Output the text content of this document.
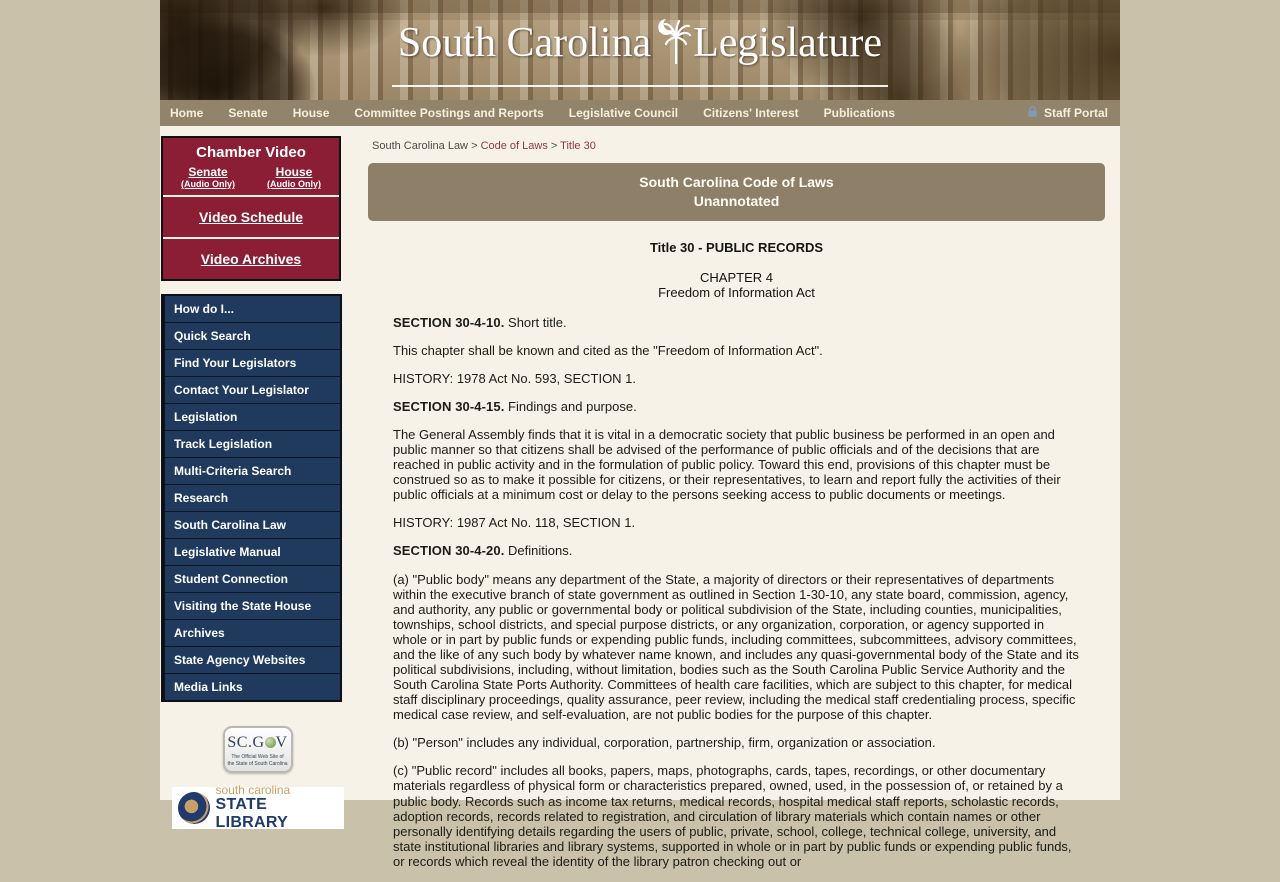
South Carolina Legislature
Home Senate House Committee Postings and Reports Legislative Council Citizens' Interest Publications	Staff Portal
Chamber Video
Senate
(Audio Only)
House
(Audio Only)
Video Schedule
Video Archives
How do I...
Quick Search
Find Your Legislators
Contact Your Legislator
Legislation
Track Legislation
Multi-Criteria Search
Research
South Carolina Law
Legislative Manual
Student Connection
Visiting the State House
Archives
State Agency Websites
Media Links
SC.G V
The Official Web Site of
the State of South Carolina
south carolina
STATE LIBRARY
South Carolina Law > Code of Laws > Title 30
South Carolina Code of Laws
Unannotated
Title 30 - PUBLIC RECORDS
CHAPTER 4
Freedom of Information Act

SECTION 30-4-10. Short title.

This chapter shall be known and cited as the "Freedom of Information Act".

HISTORY: 1978 Act No. 593, SECTION 1.

SECTION 30-4-15. Findings and purpose.

The General Assembly finds that it is vital in a democratic society that public business be performed in an open and public manner so that citizens shall be advised of the performance of public officials and of the decisions that are reached in public activity and in the formulation of public policy. Toward this end, provisions of this chapter must be construed so as to make it possible for citizens, or their representatives, to learn and report fully the activities of their public officials at a minimum cost or delay to the persons seeking access to public documents or meetings.

HISTORY: 1987 Act No. 118, SECTION 1.

SECTION 30-4-20. Definitions.

(a) "Public body" means any department of the State, a majority of directors or their representatives of departments within the executive branch of state government as outlined in Section 1-30-10, any state board, commission, agency, and authority, any public or governmental body or political subdivision of the State, including counties, municipalities, townships, school districts, and special purpose districts, or any organization, corporation, or agency supported in whole or in part by public funds or expending public funds, including committees, subcommittees, advisory committees, and the like of any such body by whatever name known, and includes any quasi-governmental body of the State and its political subdivisions, including, without limitation, bodies such as the South Carolina Public Service Authority and the South Carolina State Ports Authority. Committees of health care facilities, which are subject to this chapter, for medical staff disciplinary proceedings, quality assurance, peer review, including the medical staff credentialing process, specific medical case review, and self-evaluation, are not public bodies for the purpose of this chapter.

(b) "Person" includes any individual, corporation, partnership, firm, organization or association.

(c) "Public record" includes all books, papers, maps, photographs, cards, tapes, recordings, or other documentary materials regardless of physical form or characteristics prepared, owned, used, in the possession of, or retained by a public body. Records such as income tax returns, medical records, hospital medical staff reports, scholastic records, adoption records, records related to registration, and circulation of library materials which contain names or other personally identifying details regarding the users of public, private, school, college, technical college, university, and state institutional libraries and library systems, supported in whole or in part by public funds or expending public funds, or records which reveal the identity of the library patron checking out or
